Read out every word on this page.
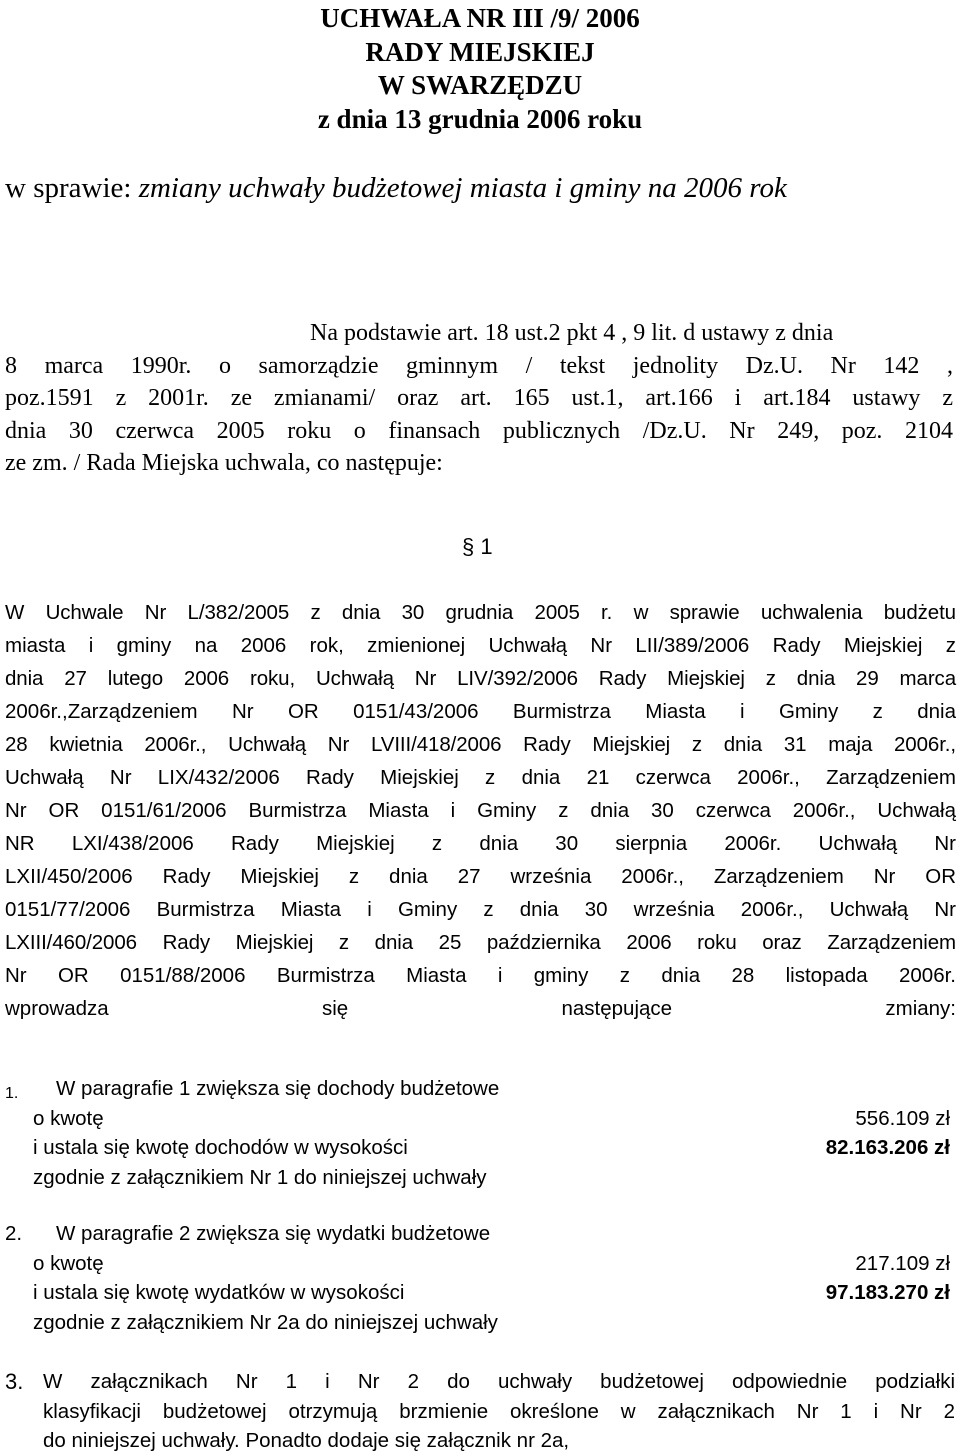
UCHWAŁA NR III /9/ 2006
RADY MIEJSKIEJ
W SWARZĘDZU
z dnia 13 grudnia 2006 roku
w sprawie: zmiany uchwały budżetowej miasta i gminy na 2006 rok
Na podstawie art. 18 ust.2 pkt 4 , 9 lit. d ustawy z dnia
8 marca 1990r. o samorządzie gminnym / tekst jednolity Dz.U. Nr 142 ,
poz.1591 z 2001r. ze zmianami/ oraz art. 165 ust.1, art.166 i art.184 ustawy z
dnia 30 czerwca 2005 roku o finansach publicznych /Dz.U. Nr 249, poz. 2104
ze zm. / Rada Miejska uchwala, co następuje:
§ 1
W Uchwale Nr L/382/2005 z dnia 30 grudnia 2005 r. w sprawie uchwalenia budżetu
miasta i gminy na 2006 rok, zmienionej Uchwałą Nr LII/389/2006 Rady Miejskiej z
dnia 27 lutego 2006 roku, Uchwałą Nr LIV/392/2006 Rady Miejskiej z dnia 29 marca
2006r.,Zarządzeniem Nr OR 0151/43/2006 Burmistrza Miasta i Gminy z dnia
28 kwietnia 2006r., Uchwałą Nr LVIII/418/2006 Rady Miejskiej z dnia 31 maja 2006r.,
Uchwałą Nr LIX/432/2006 Rady Miejskiej z dnia 21 czerwca 2006r., Zarządzeniem
Nr OR 0151/61/2006 Burmistrza Miasta i Gminy z dnia 30 czerwca 2006r., Uchwałą
NR LXI/438/2006 Rady Miejskiej z dnia 30 sierpnia 2006r. Uchwałą Nr
LXII/450/2006 Rady Miejskiej z dnia 27 września 2006r., Zarządzeniem Nr OR
0151/77/2006 Burmistrza Miasta i Gminy z dnia 30 września 2006r., Uchwałą Nr
LXIII/460/2006 Rady Miejskiej z dnia 25 października 2006 roku oraz Zarządzeniem
Nr OR 0151/88/2006 Burmistrza Miasta i gminy z dnia 28 listopada 2006r.
wprowadza się następujące zmiany:
1.	W paragrafie 1 zwiększa się dochody budżetowe
o kwotę	556.109 zł
i ustala się kwotę dochodów w wysokości	82.163.206 zł
zgodnie z załącznikiem Nr 1 do niniejszej uchwały
2.	W paragrafie 2 zwiększa się wydatki budżetowe
o kwotę	217.109 zł
i ustala się kwotę wydatków w wysokości	97.183.270 zł
zgodnie z załącznikiem Nr 2a do niniejszej uchwały
3. W załącznikach Nr 1 i Nr 2 do uchwały budżetowej odpowiednie podziałki
klasyfikacji budżetowej otrzymują brzmienie określone w załącznikach Nr 1 i Nr 2
do niniejszej uchwały. Ponadto dodaje się załącznik nr 2a,
